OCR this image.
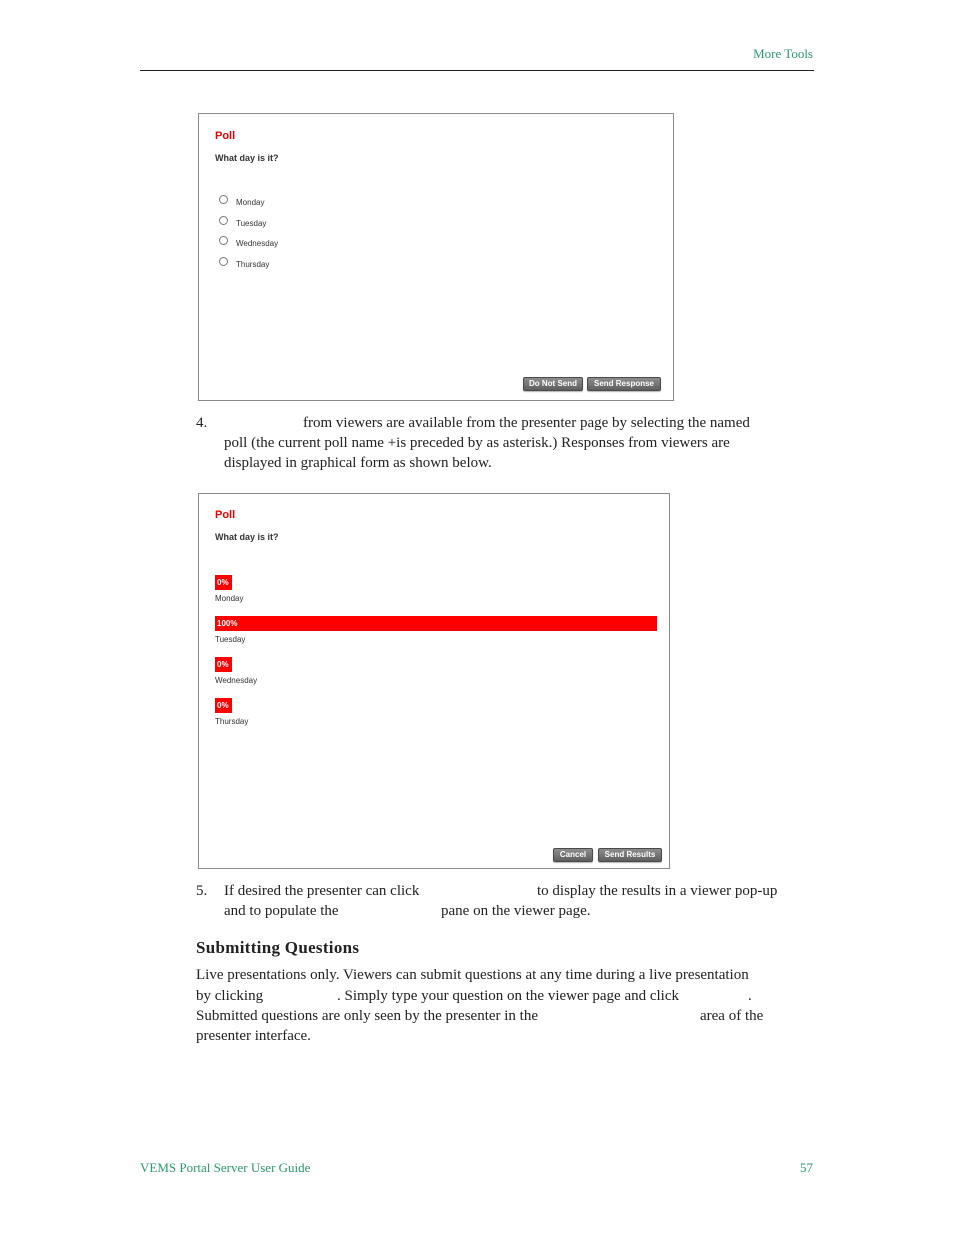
More Tools
Poll
What day is it?
Monday
Tuesday
Wednesday
Thursday
Do Not Send	Send Response
4.	from viewers are available from the presenter page by selecting the named
poll (the current poll name +is preceded by as asterisk.) Responses from viewers are
displayed in graphical form as shown below.
Poll
What day is it?
0%
Monday
100%
Tuesday
0%
Wednesday
0%
Thursday
Cancel	Send Results
5. If desired the presenter can click	to display the results in a viewer pop-up
and to populate the	pane on the viewer page.
Submitting Questions
Live presentations only. Viewers can submit questions at any time during a live presentation
by clicking	. Simply type your question on the viewer page and click	.
Submitted questions are only seen by the presenter in the	area of the
presenter interface.
VEMS Portal Server User Guide	57
